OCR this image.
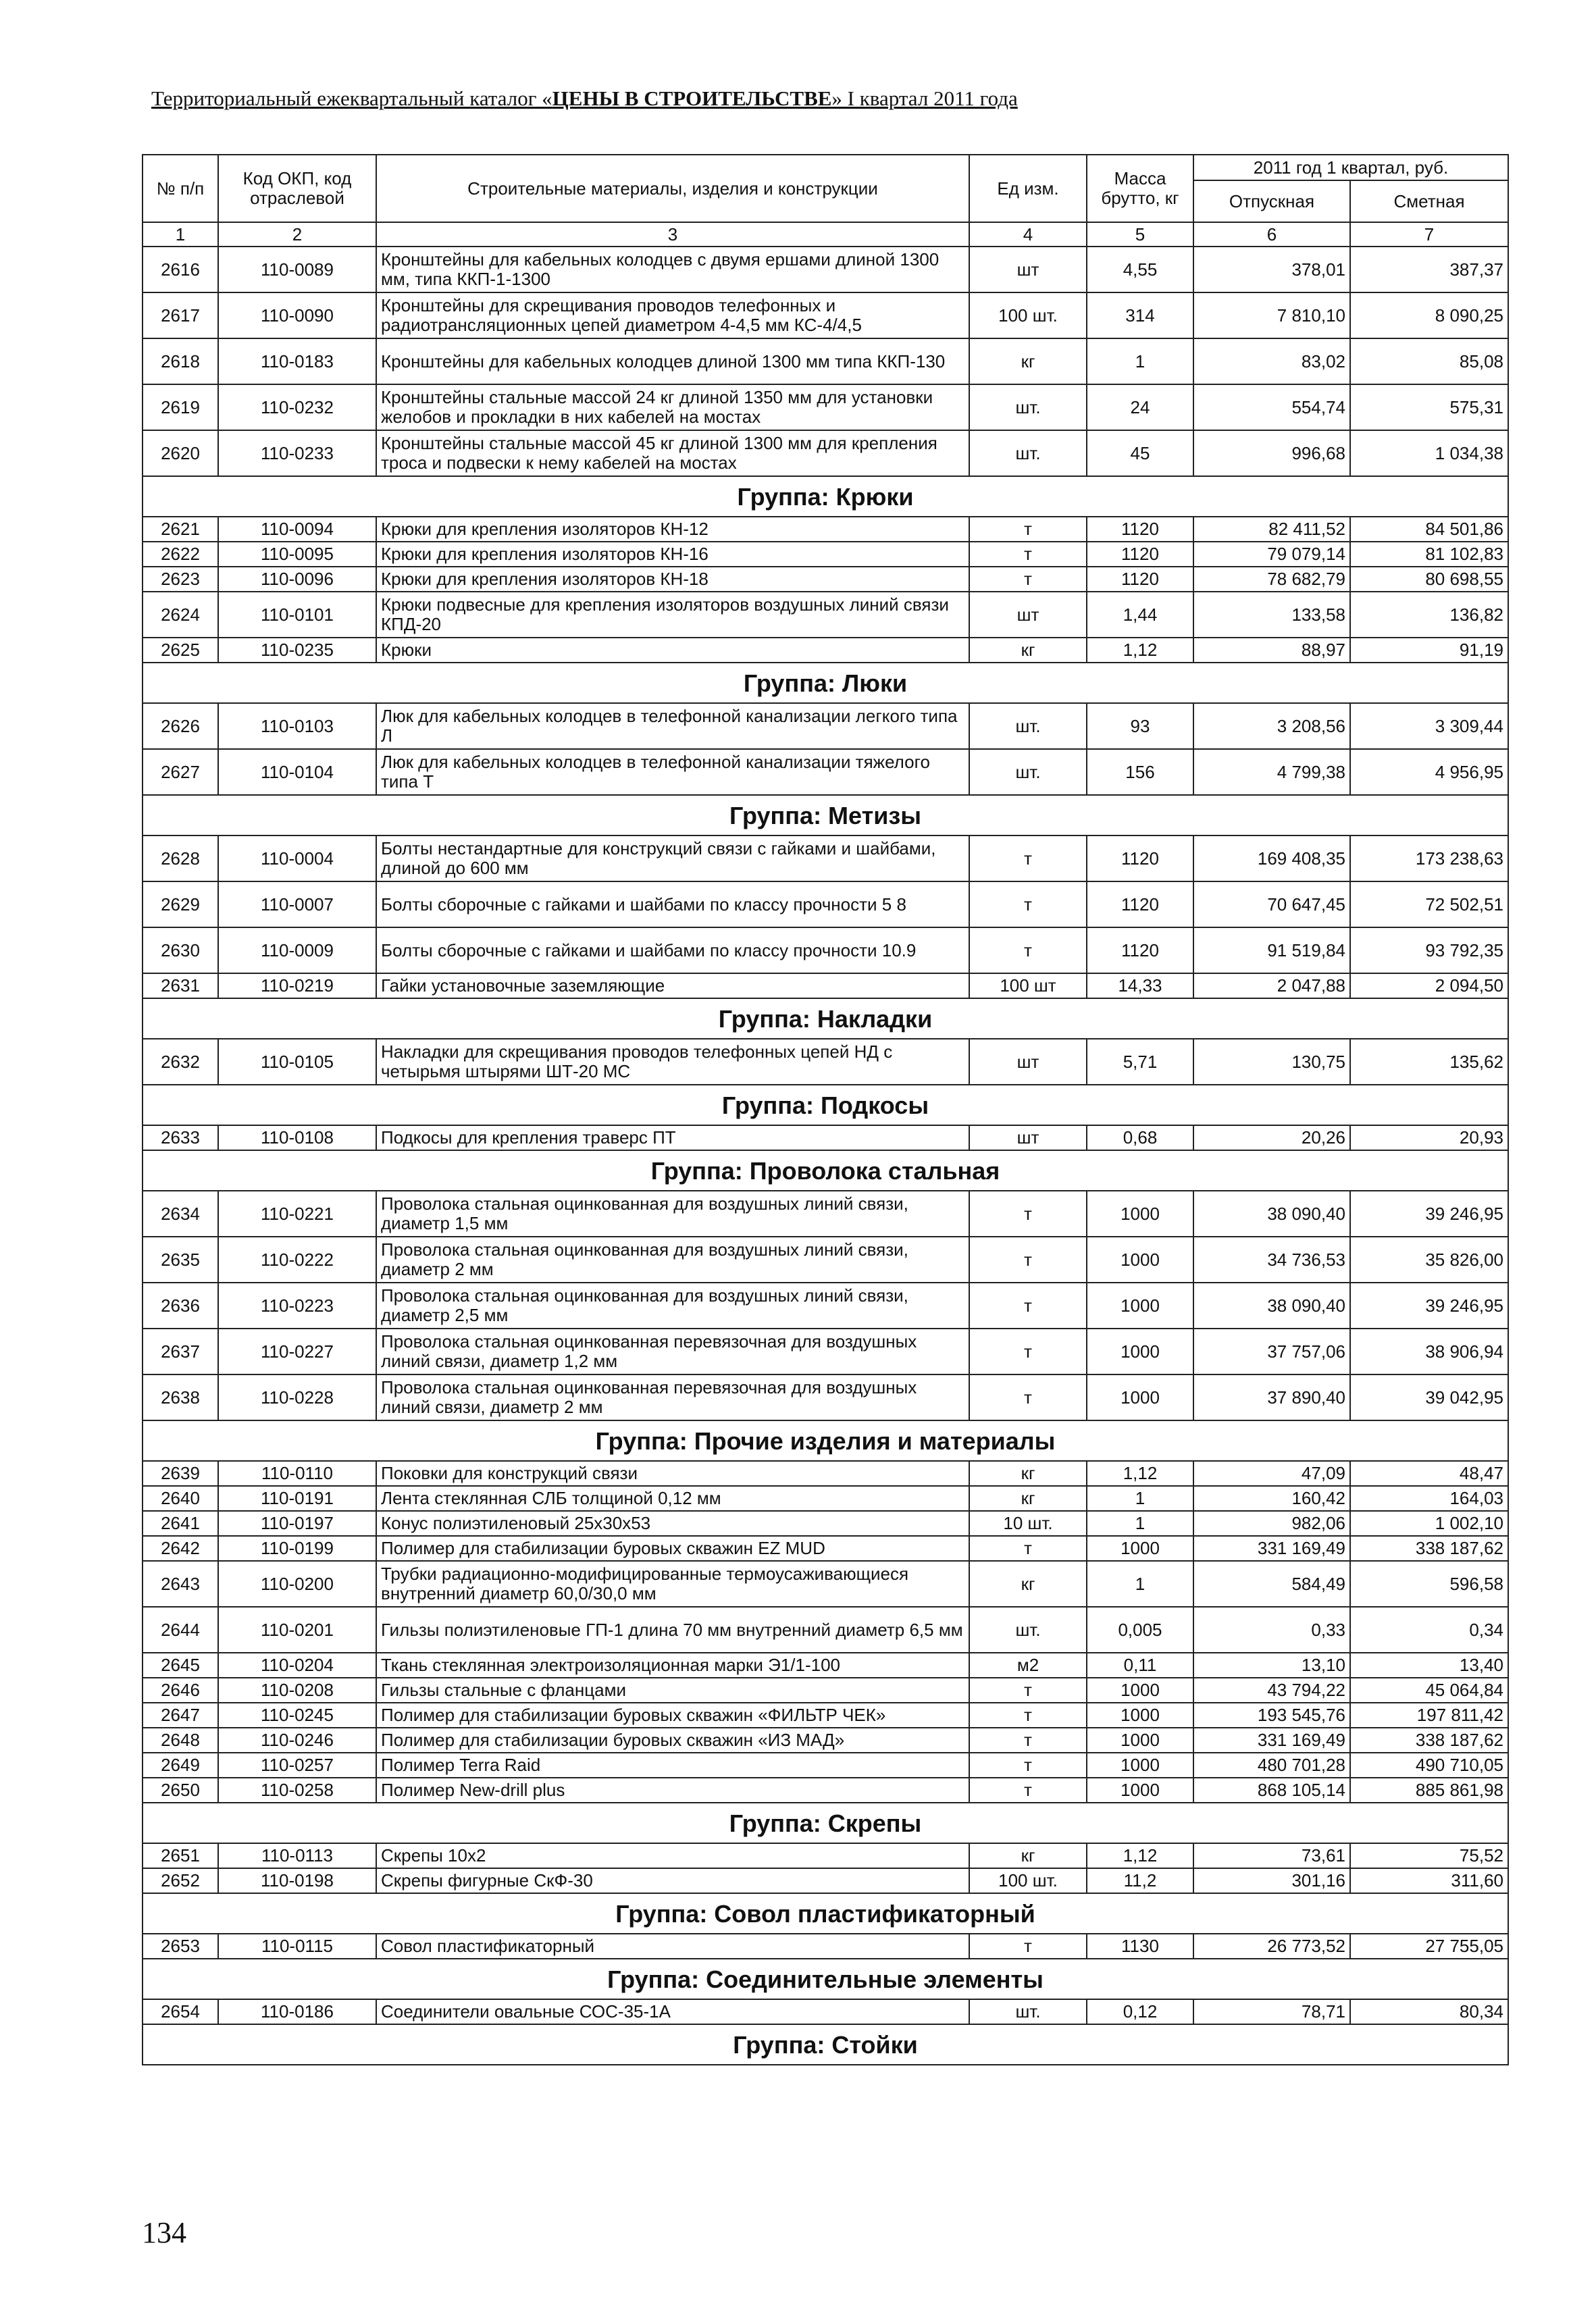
Территориальный ежеквартальный каталог «ЦЕНЫ В СТРОИТЕЛЬСТВЕ» I квартал 2011 года
№ п/п	Код ОКП, код отраслевой	Строительные материалы, изделия и конструкции	Ед изм.	Масса брутто, кг	2011 год 1 квартал, руб.	
					Отпускная	Сметная
1	2	3	4	5	6	7
2616	110-0089	Кронштейны для кабельных колодцев с двумя ершами длиной 1300 мм, типа ККП-1-1300	шт	4,55	378,01	387,37
2617	110-0090	Кронштейны для скрещивания проводов телефонных и радиотрансляционных цепей диаметром 4-4,5 мм КС-4/4,5	100 шт.	314	7 810,10	8 090,25
2618	110-0183	Кронштейны для кабельных колодцев длиной 1300 мм типа ККП-130	кг	1	83,02	85,08
2619	110-0232	Кронштейны стальные массой 24 кг длиной 1350 мм для установки желобов и прокладки в них кабелей на мостах	шт.	24	554,74	575,31
2620	110-0233	Кронштейны стальные массой 45 кг длиной 1300 мм для крепления троса и подвески к нему кабелей на мостах	шт.	45	996,68	1 034,38
Группа: Крюки						
2621	110-0094	Крюки для крепления изоляторов КН-12	т	1120	82 411,52	84 501,86
2622	110-0095	Крюки для крепления изоляторов КН-16	т	1120	79 079,14	81 102,83
2623	110-0096	Крюки для крепления изоляторов КН-18	т	1120	78 682,79	80 698,55
2624	110-0101	Крюки подвесные для крепления изоляторов воздушных линий связи КПД-20	шт	1,44	133,58	136,82
2625	110-0235	Крюки	кг	1,12	88,97	91,19
Группа: Люки						
2626	110-0103	Люк для кабельных колодцев в телефонной канализации легкого типа Л	шт.	93	3 208,56	3 309,44
2627	110-0104	Люк для кабельных колодцев в телефонной канализации тяжелого типа Т	шт.	156	4 799,38	4 956,95
Группа: Метизы						
2628	110-0004	Болты нестандартные для конструкций связи с гайками и шайбами, длиной до 600 мм	т	1120	169 408,35	173 238,63
2629	110-0007	Болты сборочные с гайками и шайбами по классу прочности 5 8	т	1120	70 647,45	72 502,51
2630	110-0009	Болты сборочные с гайками и шайбами по классу прочности 10.9	т	1120	91 519,84	93 792,35
2631	110-0219	Гайки установочные заземляющие	100 шт	14,33	2 047,88	2 094,50
Группа: Накладки						
2632	110-0105	Накладки для скрещивания проводов телефонных цепей НД с четырьмя штырями ШТ-20 МС	шт	5,71	130,75	135,62
Группа: Подкосы						
2633	110-0108	Подкосы для крепления траверс ПТ	шт	0,68	20,26	20,93
Группа: Проволока стальная						
2634	110-0221	Проволока стальная оцинкованная для воздушных линий связи, диаметр 1,5 мм	т	1000	38 090,40	39 246,95
2635	110-0222	Проволока стальная оцинкованная для воздушных линий связи, диаметр 2 мм	т	1000	34 736,53	35 826,00
2636	110-0223	Проволока стальная оцинкованная для воздушных линий связи, диаметр 2,5 мм	т	1000	38 090,40	39 246,95
2637	110-0227	Проволока стальная оцинкованная перевязочная для воздушных линий связи, диаметр 1,2 мм	т	1000	37 757,06	38 906,94
2638	110-0228	Проволока стальная оцинкованная перевязочная для воздушных линий связи, диаметр 2 мм	т	1000	37 890,40	39 042,95
Группа: Прочие изделия и материалы						
2639	110-0110	Поковки для конструкций связи	кг	1,12	47,09	48,47
2640	110-0191	Лента стеклянная СЛБ толщиной 0,12 мм	кг	1	160,42	164,03
2641	110-0197	Конус полиэтиленовый 25х30х53	10 шт.	1	982,06	1 002,10
2642	110-0199	Полимер для стабилизации буровых скважин EZ MUD	т	1000	331 169,49	338 187,62
2643	110-0200	Трубки радиационно-модифицированные термоусаживающиеся внутренний диаметр 60,0/30,0 мм	кг	1	584,49	596,58
2644	110-0201	Гильзы полиэтиленовые ГП-1 длина 70 мм внутренний диаметр 6,5 мм	шт.	0,005	0,33	0,34
2645	110-0204	Ткань стеклянная электроизоляционная марки Э1/1-100	м2	0,11	13,10	13,40
2646	110-0208	Гильзы стальные с фланцами	т	1000	43 794,22	45 064,84
2647	110-0245	Полимер для стабилизации буровых скважин «ФИЛЬТР ЧЕК»	т	1000	193 545,76	197 811,42
2648	110-0246	Полимер для стабилизации буровых скважин «ИЗ МАД»	т	1000	331 169,49	338 187,62
2649	110-0257	Полимер Terra Raid	т	1000	480 701,28	490 710,05
2650	110-0258	Полимер New-drill plus	т	1000	868 105,14	885 861,98
Группа: Скрепы						
2651	110-0113	Скрепы 10х2	кг	1,12	73,61	75,52
2652	110-0198	Скрепы фигурные СкФ-30	100 шт.	11,2	301,16	311,60
Группа: Совол пластификаторный						
2653	110-0115	Совол пластификаторный	т	1130	26 773,52	27 755,05
Группа: Соединительные элементы						
2654	110-0186	Соединители овальные СОС-35-1А	шт.	0,12	78,71	80,34
Группа: Стойки						
134
